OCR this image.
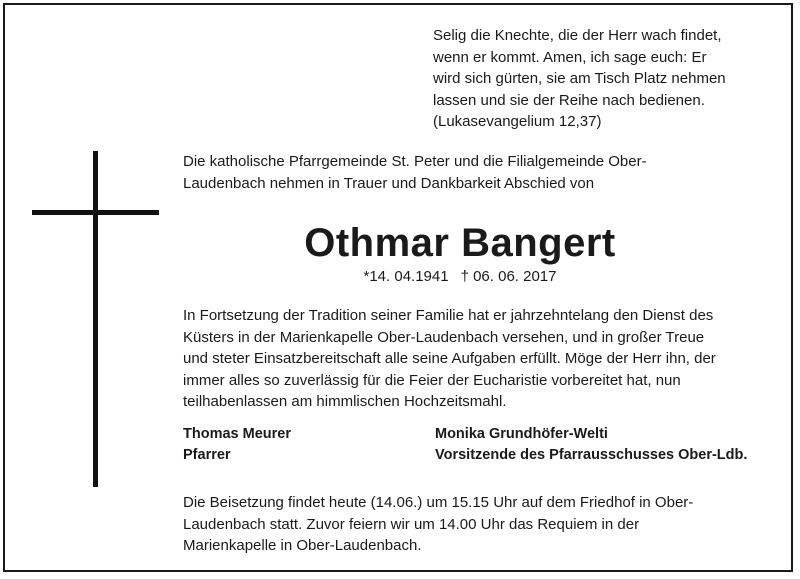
Selig die Knechte, die der Herr wach findet,
wenn er kommt. Amen, ich sage euch: Er
wird sich gürten, sie am Tisch Platz nehmen
lassen und sie der Reihe nach bedienen.

(Lukasevangelium 12,37)

Die katholische Pfarrgemeinde St. Peter und die Filialgemeinde Ober-
Laudenbach nehmen in Trauer und Dankbarkeit Abschied von
Othmar Bangert
*14. 04.1941 † 06. 06. 2017
In Fortsetzung der Tradition seiner Familie hat er jahrzehntelang den Dienst des
Küsters in der Marienkapelle Ober-Laudenbach versehen, und in großer Treue
und steter Einsatzbereitschaft alle seine Aufgaben erfüllt. Möge der Herr ihn, der
immer alles so zuverlässig für die Feier der Eucharistie vorbereitet hat, nun
teilhabenlassen am himmlischen Hochzeitsmahl.
Thomas Meurer
Pfarrer
Monika Grundhöfer-Welti
Vorsitzende des Pfarrausschusses Ober-Ldb.
Die Beisetzung findet heute (14.06.) um 15.15 Uhr auf dem Friedhof in Ober-
Laudenbach statt. Zuvor feiern wir um 14.00 Uhr das Requiem in der
Marienkapelle in Ober-Laudenbach.
